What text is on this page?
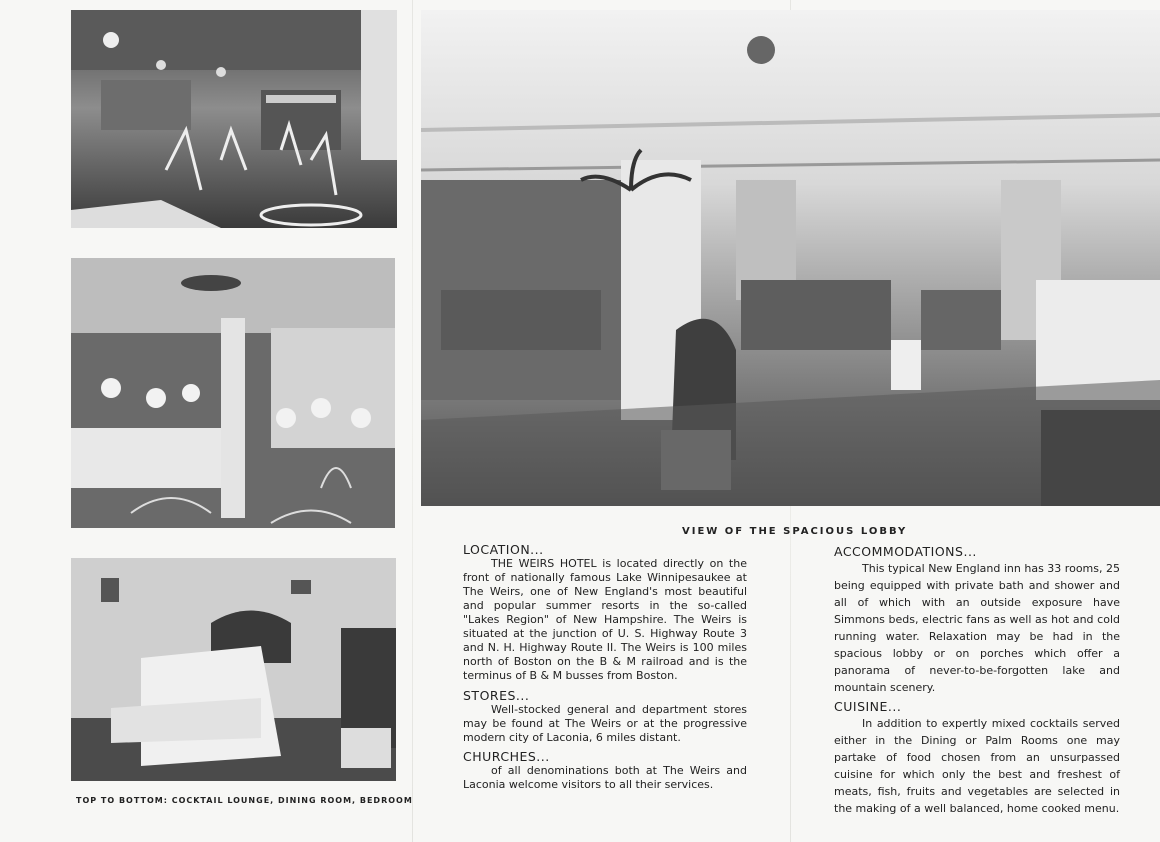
TOP TO BOTTOM: COCKTAIL LOUNGE, DINING ROOM, BEDROOM
VIEW OF THE SPACIOUS LOBBY
LOCATION...

THE WEIRS HOTEL is located directly on the front of nationally famous Lake Winnipesaukee at The Weirs, one of New England's most beautiful and popular summer resorts in the so-called "Lakes Region" of New Hampshire. The Weirs is situated at the junction of U. S. Highway Route 3 and N. H. Highway Route II. The Weirs is 100 miles north of Boston on the B & M railroad and is the terminus of B & M busses from Boston.

STORES...

Well-stocked general and department stores may be found at The Weirs or at the progressive modern city of Laconia, 6 miles distant.

CHURCHES...

of all denominations both at The Weirs and Laconia welcome visitors to all their services.

ACCOMMODATIONS...

This typical New England inn has 33 rooms, 25 being equipped with private bath and shower and all of which with an outside exposure have Simmons beds, electric fans as well as hot and cold running water. Relaxation may be had in the spacious lobby or on porches which offer a panorama of never-to-be-forgotten lake and mountain scenery.

CUISINE...

In addition to expertly mixed cocktails served either in the Dining or Palm Rooms one may partake of food chosen from an unsurpassed cuisine for which only the best and freshest of meats, fish, fruits and vegetables are selected in the making of a well balanced, home cooked menu.
